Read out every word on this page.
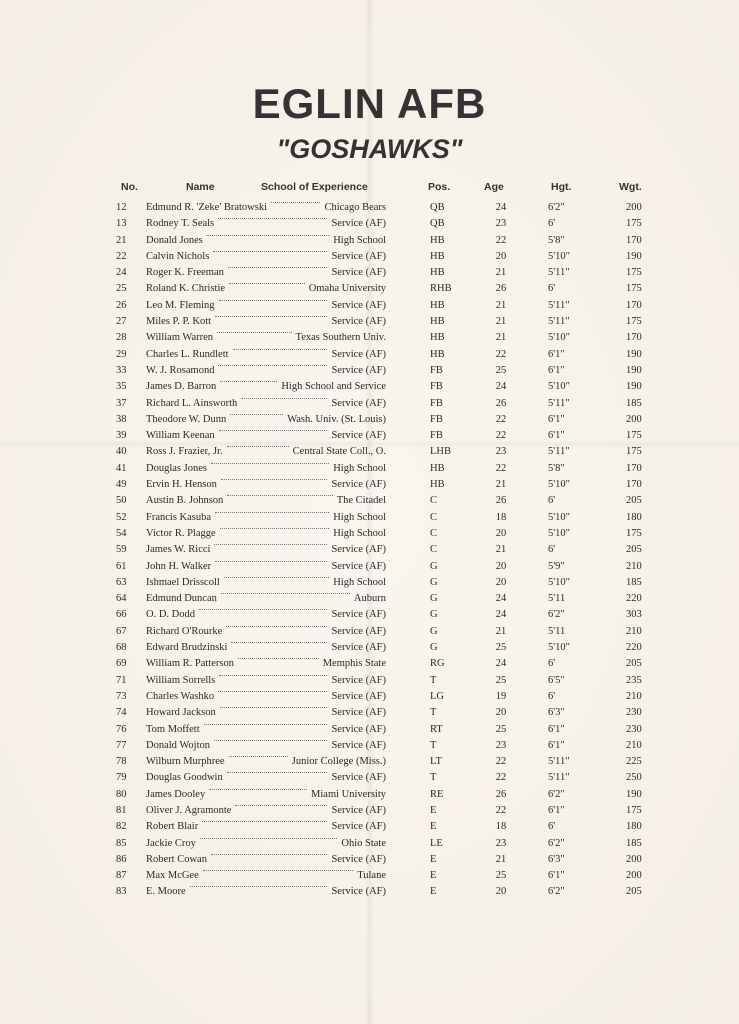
EGLIN AFB
"GOSHAWKS"
No.	Name	School of Experience	Pos.	Age	Hgt.	Wgt.
12	Edmund R. 'Zeke' Bratowski	Chicago Bears	QB	24	6'2"	200
13	Rodney T. Seals	Service (AF)	QB	23	6'	175
21	Donald Jones	High School	HB	22	5'8"	170
22	Calvin Nichols	Service (AF)	HB	20	5'10"	190
24	Roger K. Freeman	Service (AF)	HB	21	5'11"	175
25	Roland K. Christie	Omaha University	RHB	26	6'	175
26	Leo M. Fleming	Service (AF)	HB	21	5'11"	170
27	Miles P. P. Kott	Service (AF)	HB	21	5'11"	175
28	William Warren	Texas Southern Univ.	HB	21	5'10"	170
29	Charles L. Rundlett	Service (AF)	HB	22	6'1"	190
33	W. J. Rosamond	Service (AF)	FB	25	6'1"	190
35	James D. Barron	High School and Service	FB	24	5'10"	190
37	Richard L. Ainsworth	Service (AF)	FB	26	5'11"	185
38	Theodore W. Dunn	Wash. Univ. (St. Louis)	FB	22	6'1"	200
39	William Keenan	Service (AF)	FB	22	6'1"	175
40	Ross J. Frazier, Jr.	Central State Coll., O.	LHB	23	5'11"	175
41	Douglas Jones	High School	HB	22	5'8"	170
49	Ervin H. Henson	Service (AF)	HB	21	5'10"	170
50	Austin B. Johnson	The Citadel	C	26	6'	205
52	Francis Kasuba	High School	C	18	5'10"	180
54	Victor R. Plagge	High School	C	20	5'10"	175
59	James W. Ricci	Service (AF)	C	21	6'	205
61	John H. Walker	Service (AF)	G	20	5'9"	210
63	Ishmael Drisscoll	High School	G	20	5'10"	185
64	Edmund Duncan	Auburn	G	24	5'11	220
66	O. D. Dodd	Service (AF)	G	24	6'2"	303
67	Richard O'Rourke	Service (AF)	G	21	5'11	210
68	Edward Brudzinski	Service (AF)	G	25	5'10"	220
69	William R. Patterson	Memphis State	RG	24	6'	205
71	William Sorrells	Service (AF)	T	25	6'5"	235
73	Charles Washko	Service (AF)	LG	19	6'	210
74	Howard Jackson	Service (AF)	T	20	6'3"	230
76	Tom Moffett	Service (AF)	RT	25	6'1"	230
77	Donald Wojton	Service (AF)	T	23	6'1"	210
78	Wilburn Murphree	Junior College (Miss.)	LT	22	5'11"	225
79	Douglas Goodwin	Service (AF)	T	22	5'11"	250
80	James Dooley	Miami University	RE	26	6'2"	190
81	Oliver J. Agramonte	Service (AF)	E	22	6'1"	175
82	Robert Blair	Service (AF)	E	18	6'	180
85	Jackie Croy	Ohio State	LE	23	6'2"	185
86	Robert Cowan	Service (AF)	E	21	6'3"	200
87	Max McGee	Tulane	E	25	6'1"	200
83	E. Moore	Service (AF)	E	20	6'2"	205
